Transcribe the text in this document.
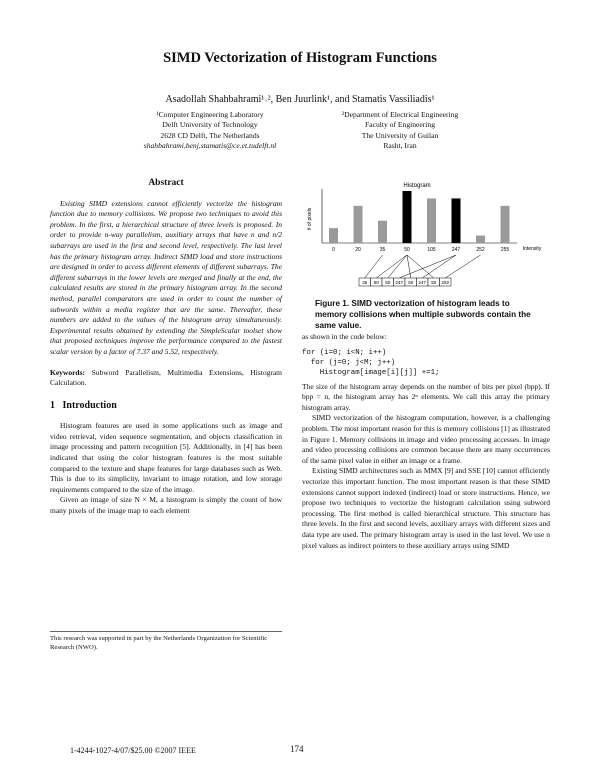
SIMD Vectorization of Histogram Functions
Asadollah Shahbahrami¹˒², Ben Juurlink¹, and Stamatis Vassiliadis¹
¹Computer Engineering Laboratory
Delft University of Technology
2628 CD Delft, The Netherlands
shahbahrami,benj,stamatis@ce.et.tudelft.nl
²Department of Electrical Engineering
Faculty of Engineering
The University of Guilan
Rasht, Iran
Abstract

Existing SIMD extensions cannot efficiently vectorize the histogram function due to memory collisions. We propose two techniques to avoid this problem. In the first, a hierarchical structure of three levels is proposed. In order to provide n-way parallelism, auxiliary arrays that have n and n/2 subarrays are used in the first and second level, respectively. The last level has the primary histogram array. Indirect SIMD load and store instructions are designed in order to access different elements of different subarrays. The different subarrays in the lower levels are merged and finally at the end, the calculated results are stored in the primary histogram array. In the second method, parallel comparators are used in order to count the number of subwords within a media register that are the same. Thereafter, these numbers are added to the values of the histogram array simultaneously. Experimental results obtained by extending the SimpleScalar toolset show that proposed techniques improve the performance compared to the fastest scalar version by a factor of 7.37 and 5.52, respectively.

Keywords: Subword Parallelism, Multimedia Extensions, Histogram Calculation.

1   Introduction

Histogram features are used in some applications such as image and video retrieval, video sequence segmentation, and objects classification in image processing and pattern recognition [5]. Additionally, in [4] has been indicated that using the color histogram features is the most suitable compared to the texture and shape features for large databases such as Web. This is due to its simplicity, invariant to image rotation, and low storage requirements compared to the size of the image.

Given an image of size N × M, a histogram is simply the count of how many pixels of the image map to each element

This research was supported in part by the Netherlands Organization for Scientific Research (NWO).
Histogram
# of pixels
0	20	35	50	105	247	252	255	Intensity
35 50 50 247 50 247 50 252
Figure 1. SIMD vectorization of histogram leads to memory collisions when multiple subwords contain the same value.

as shown in the code below:

for (i=0; i<N; i++)
for (j=0; j<M; j++)
Histogram[image[i][j]] +=1;

The size of the histogram array depends on the number of bits per pixel (bpp). If bpp = n, the histogram array has 2ⁿ elements. We call this array the primary histogram array.

SIMD vectorization of the histogram computation, however, is a challenging problem. The most important reason for this is memory collisions [1] as illustrated in Figure 1. Memory collisions in image and video processing accesses. In image and video processing collisions are common because there are many occurrences of the same pixel value in either an image or a frame.

Existing SIMD architectures such as MMX [9] and SSE [10] cannot efficiently vectorize this important function. The most important reason is that these SIMD extensions cannot support indexed (indirect) load or store instructions. Hence, we propose two techniques to vectorize the histogram calculation using subword processing. The first method is called hierarchical structure. This structure has three levels. In the first and second levels, auxiliary arrays with different sizes and data type are used. The primary histogram array is used in the last level. We use n pixel values as indirect pointers to these auxiliary arrays using SIMD

1-4244-1027-4/07/$25.00 ©2007 IEEE	174
